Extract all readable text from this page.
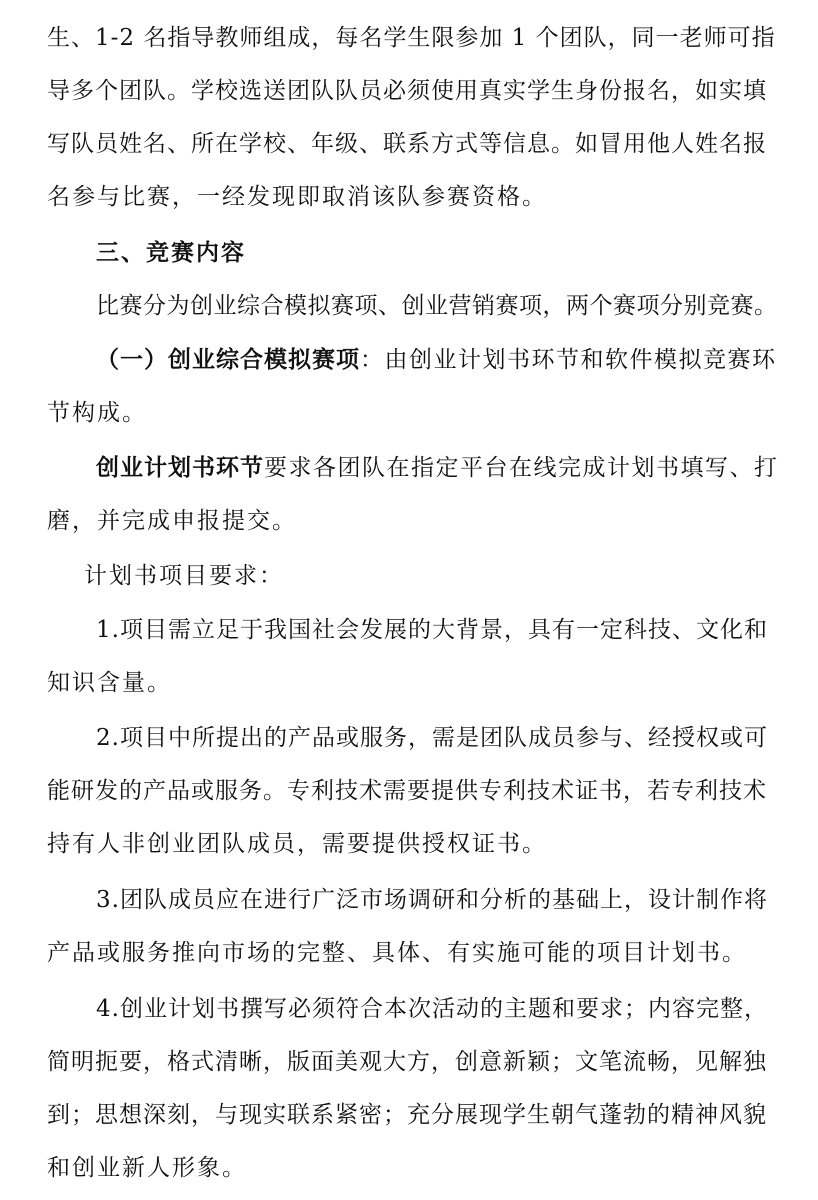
生、1-2 名指导教师组成，每名学生限参加 1 个团队，同一老师可指
导多个团队。学校选送团队队员必须使用真实学生身份报名，如实填
写队员姓名、所在学校、年级、联系方式等信息。如冒用他人姓名报
名参与比赛，一经发现即取消该队参赛资格。
三、竞赛内容
比赛分为创业综合模拟赛项、创业营销赛项，两个赛项分别竞赛。
（一）创业综合模拟赛项：由创业计划书环节和软件模拟竞赛环
节构成。
创业计划书环节要求各团队在指定平台在线完成计划书填写、打
磨，并完成申报提交。
计划书项目要求：
1.项目需立足于我国社会发展的大背景，具有一定科技、文化和
知识含量。
2.项目中所提出的产品或服务，需是团队成员参与、经授权或可
能研发的产品或服务。专利技术需要提供专利技术证书，若专利技术
持有人非创业团队成员，需要提供授权证书。
3.团队成员应在进行广泛市场调研和分析的基础上，设计制作将
产品或服务推向市场的完整、具体、有实施可能的项目计划书。
4.创业计划书撰写必须符合本次活动的主题和要求；内容完整，
简明扼要，格式清晰，版面美观大方，创意新颖；文笔流畅，见解独
到；思想深刻，与现实联系紧密；充分展现学生朝气蓬勃的精神风貌
和创业新人形象。
